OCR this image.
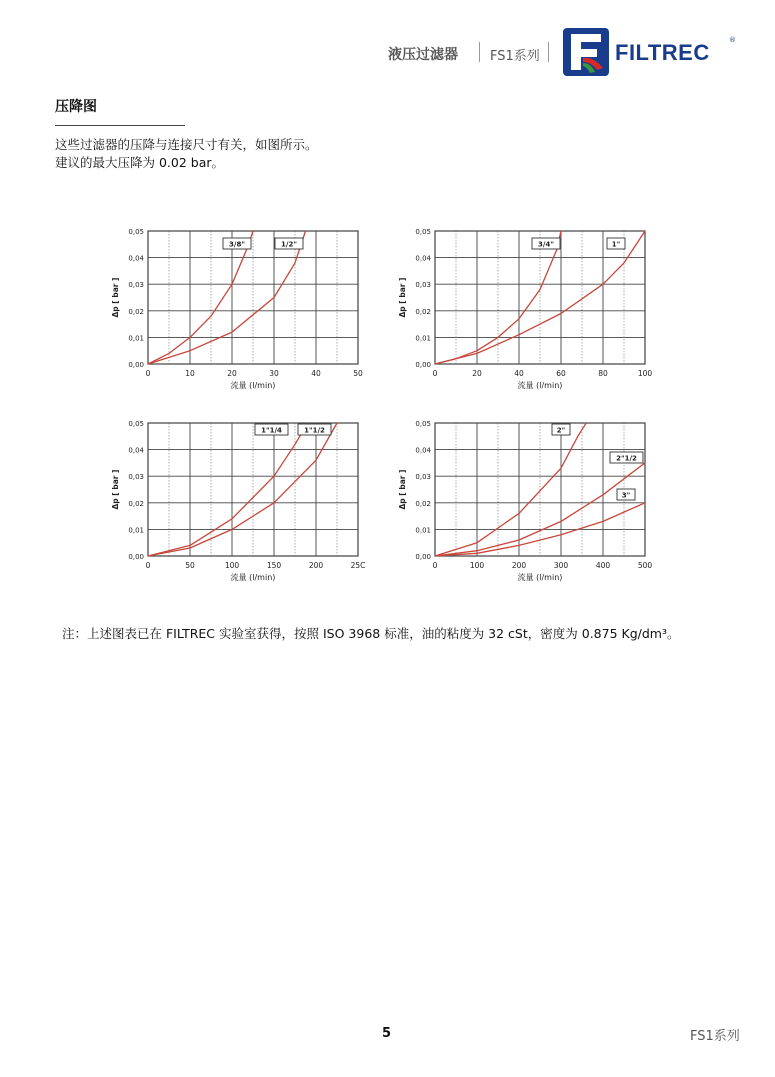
液压过滤器 FS1系列	FILTREC	®
压降图
这些过滤器的压降与连接尺寸有关，如图所示。
建议的最大压降为 0.02 bar。
0	10	20	30	40	50
0,00
0,01
0,02
0,03
0,04
0,05
流量 (l/min)
Δp [ bar ]
3/8"	1/2"
0	20	40	60	80	100
0,00
0,01
0,02
0,03
0,04
0,05
流量 (l/min)
Δp [ bar ]
3/4"	1"
0	50	100	150	200	25C
0,00
0,01
0,02
0,03
0,04
0,05
流量 (l/min)
Δp [ bar ]
1"1/4	1"1/2
0	100	200	300	400	500
0,00
0,01
0,02
0,03
0,04
0,05
流量 (l/min)
Δp [ bar ]
2"
2"1/2
3"
注：上述图表已在 FILTREC 实验室获得，按照 ISO 3968 标准，油的粘度为 32 cSt，密度为 0.875 Kg/dm³。
5	FS1系列
